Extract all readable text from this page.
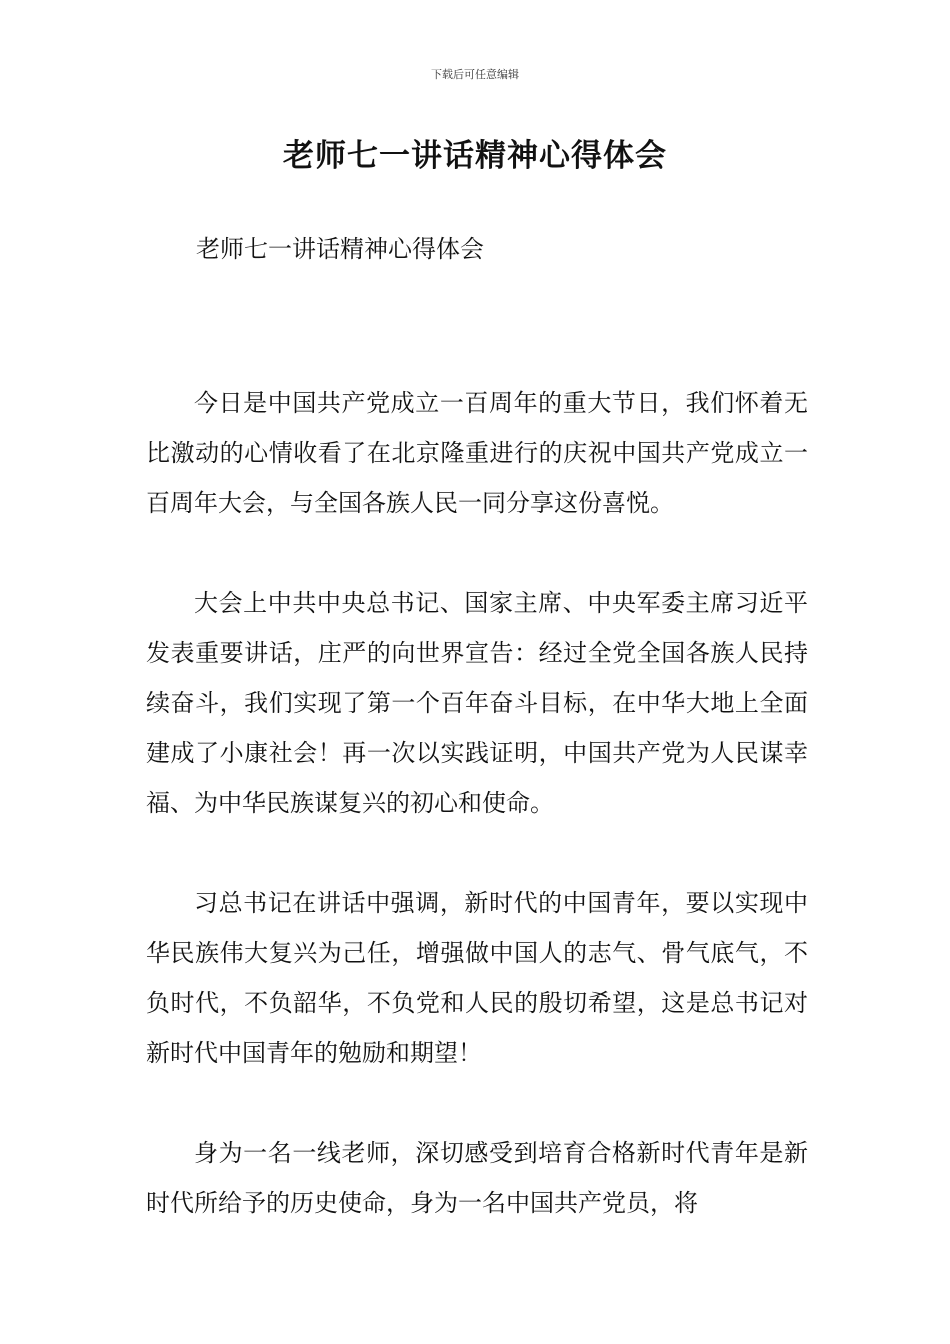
下载后可任意编辑
老师七一讲话精神心得体会
老师七一讲话精神心得体会

今日是中国共产党成立一百周年的重大节日，我们怀着无比激动的心情收看了在北京隆重进行的庆祝中国共产党成立一百周年大会，与全国各族人民一同分享这份喜悦。

大会上中共中央总书记、国家主席、中央军委主席习近平发表重要讲话，庄严的向世界宣告：经过全党全国各族人民持续奋斗，我们实现了第一个百年奋斗目标，在中华大地上全面建成了小康社会！再一次以实践证明，中国共产党为人民谋幸福、为中华民族谋复兴的初心和使命。

习总书记在讲话中强调，新时代的中国青年，要以实现中华民族伟大复兴为己任，增强做中国人的志气、骨气底气，不负时代，不负韶华，不负党和人民的殷切希望，这是总书记对新时代中国青年的勉励和期望！

身为一名一线老师，深切感受到培育合格新时代青年是新时代所给予的历史使命，身为一名中国共产党员，将
